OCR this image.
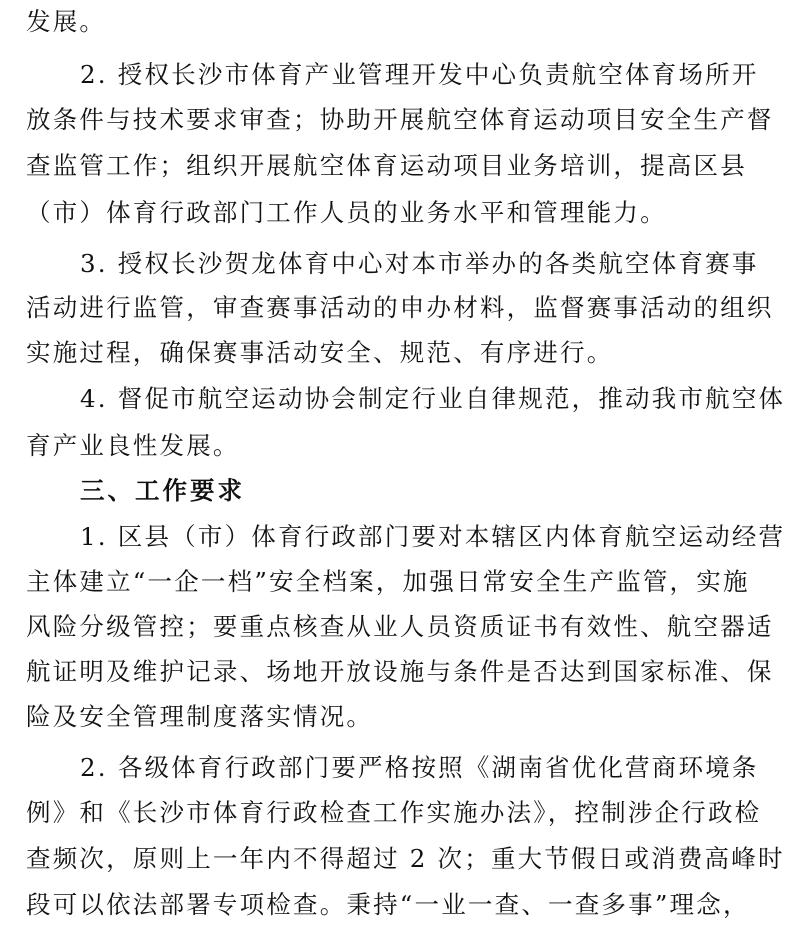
发展。

2. 授权长沙市体育产业管理开发中心负责航空体育场所开

放条件与技术要求审查；协助开展航空体育运动项目安全生产督

查监管工作；组织开展航空体育运动项目业务培训，提高区县

（市）体育行政部门工作人员的业务水平和管理能力。

3. 授权长沙贺龙体育中心对本市举办的各类航空体育赛事

活动进行监管，审查赛事活动的申办材料，监督赛事活动的组织

实施过程，确保赛事活动安全、规范、有序进行。

4. 督促市航空运动协会制定行业自律规范，推动我市航空体

育产业良性发展。

三、工作要求

1. 区县（市）体育行政部门要对本辖区内体育航空运动经营

主体建立“一企一档”安全档案，加强日常安全生产监管，实施

风险分级管控；要重点核查从业人员资质证书有效性、航空器适

航证明及维护记录、场地开放设施与条件是否达到国家标准、保

险及安全管理制度落实情况。

2. 各级体育行政部门要严格按照《湖南省优化营商环境条

例》和《长沙市体育行政检查工作实施办法》，控制涉企行政检

查频次，原则上一年内不得超过 2 次；重大节假日或消费高峰时

段可以依法部署专项检查。秉持“一业一查、一查多事”理念，
